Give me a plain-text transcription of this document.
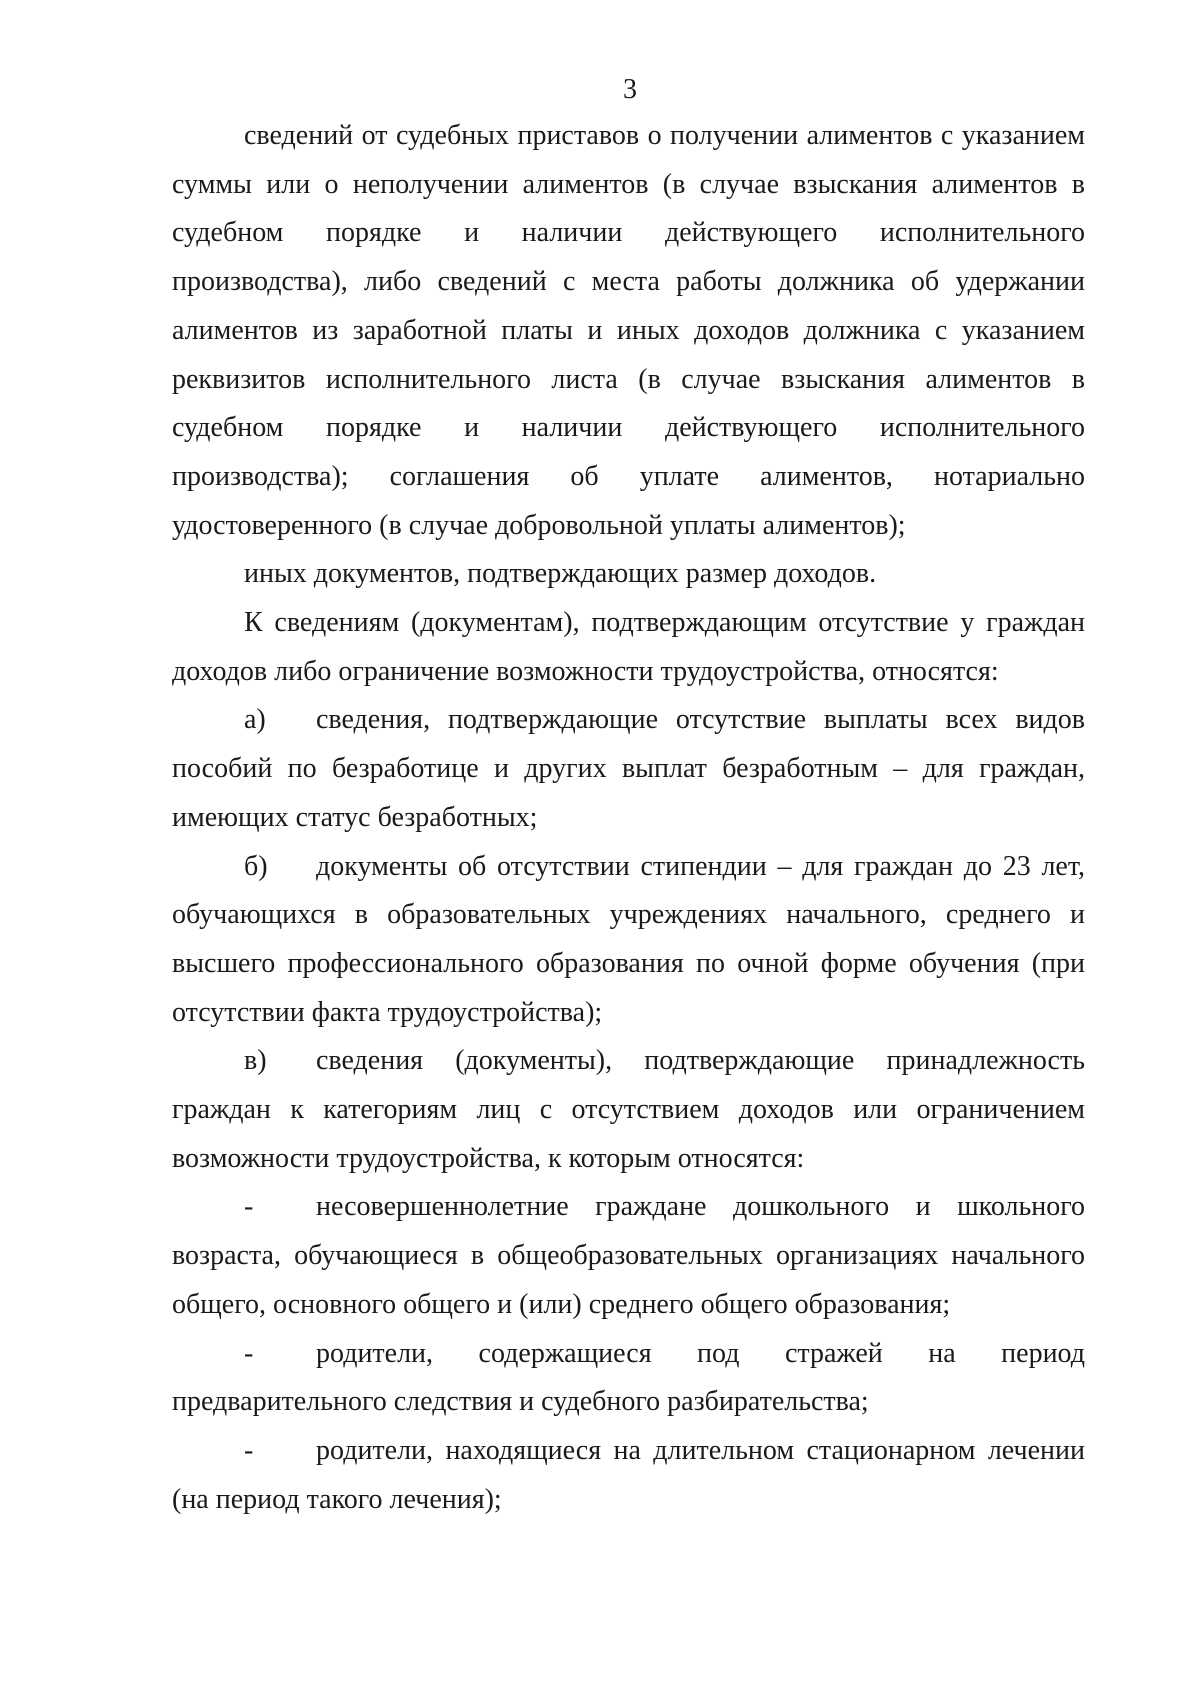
3

сведений от судебных приставов о получении алиментов с указанием суммы или о неполучении алиментов (в случае взыскания алиментов в судебном порядке и наличии действующего исполнительного производства), либо сведений с места работы должника об удержании алиментов из заработной платы и иных доходов должника с указанием реквизитов исполнительного листа (в случае взыскания алиментов в судебном порядке и наличии действующего исполнительного производства); соглашения об уплате алиментов, нотариально удостоверенного (в случае добровольной уплаты алиментов);

иных документов, подтверждающих размер доходов.

К сведениям (документам), подтверждающим отсутствие у граждан доходов либо ограничение возможности трудоустройства, относятся:

а) сведения, подтверждающие отсутствие выплаты всех видов пособий по безработице и других выплат безработным – для граждан, имеющих статус безработных;

б) документы об отсутствии стипендии – для граждан до 23 лет, обучающихся в образовательных учреждениях начального, среднего и высшего профессионального образования по очной форме обучения (при отсутствии факта трудоустройства);

в) сведения (документы), подтверждающие принадлежность граждан к категориям лиц с отсутствием доходов или ограничением возможности трудоустройства, к которым относятся:

- несовершеннолетние граждане дошкольного и школьного возраста, обучающиеся в общеобразовательных организациях начального общего, основного общего и (или) среднего общего образования;

- родители, содержащиеся под стражей на период предварительного следствия и судебного разбирательства;

- родители, находящиеся на длительном стационарном лечении (на период такого лечения);
